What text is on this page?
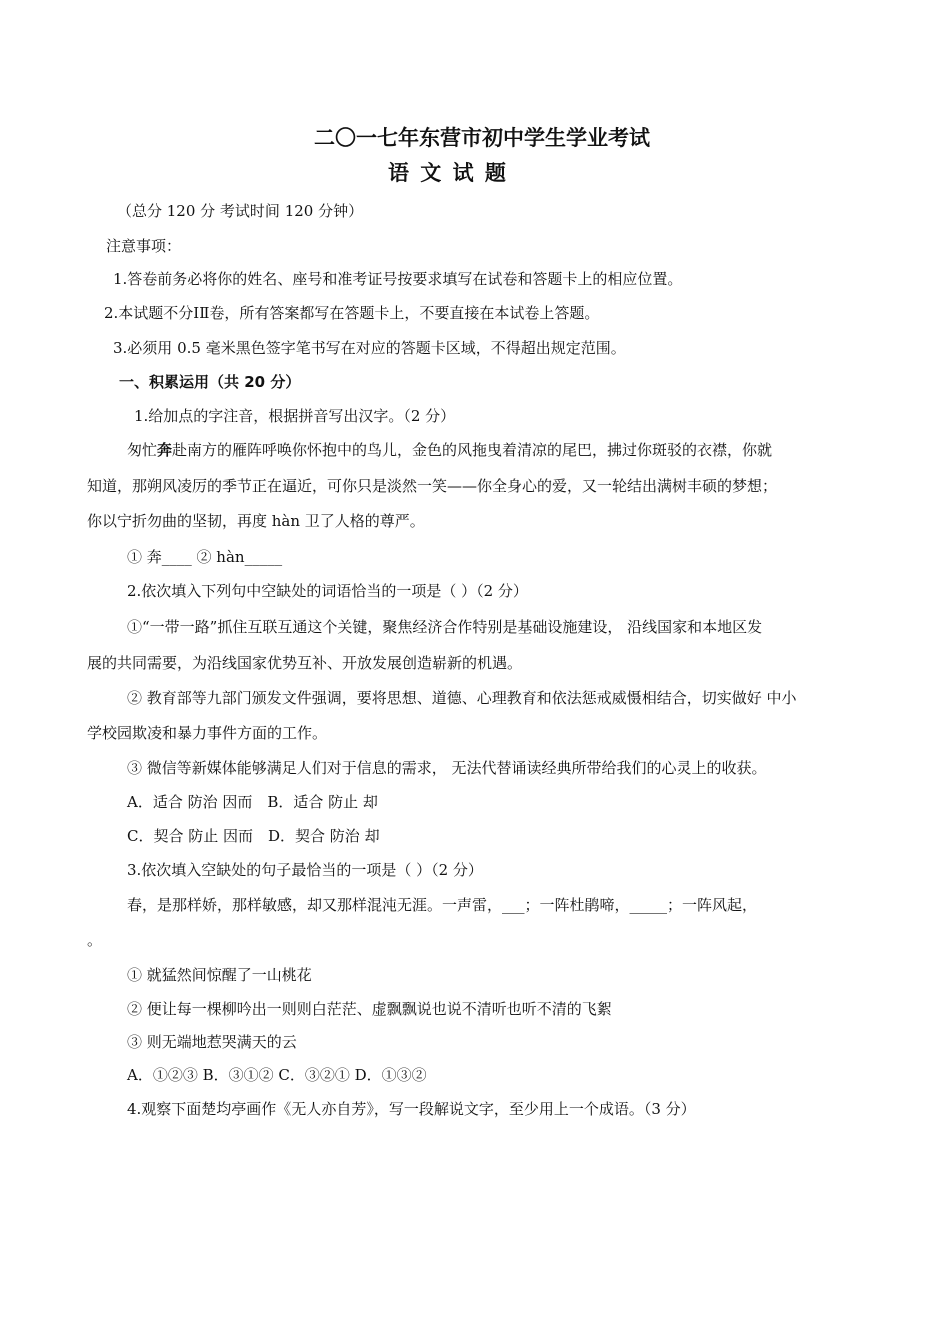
二〇一七年东营市初中学生学业考试
语 文 试 题
（总分 120 分 考试时间 120 分钟）
注意事项：
1.答卷前务必将你的姓名、座号和准考证号按要求填写在试卷和答题卡上的相应位置。
2.本试题不分ⅠⅡ卷，所有答案都写在答题卡上，不要直接在本试卷上答题。
3.必须用 0.5 毫米黑色签字笔书写在对应的答题卡区域，不得超出规定范围。
一、积累运用（共 20 分）
1.给加点的字注音，根据拼音写出汉字。（2 分）
匆忙奔赴南方的雁阵呼唤你怀抱中的鸟儿，金色的风拖曳着清凉的尾巴，拂过你斑驳的衣襟，你就
知道，那朔风凌厉的季节正在逼近，可你只是淡然一笑——你全身心的爱，又一轮结出满树丰硕的梦想；
你以宁折勿曲的坚韧，再度 hàn 卫了人格的尊严。
① 奔____ ② hàn_____
2.依次填入下列句中空缺处的词语恰当的一项是（ ）（2 分）
①“一带一路”抓住互联互通这个关键，聚焦经济合作特别是基础设施建设， 沿线国家和本地区发
展的共同需要，为沿线国家优势互补、开放发展创造崭新的机遇。
② 教育部等九部门颁发文件强调，要将思想、道德、心理教育和依法惩戒威慑相结合，切实做好 中小
学校园欺凌和暴力事件方面的工作。
③ 微信等新媒体能够满足人们对于信息的需求， 无法代替诵读经典所带给我们的心灵上的收获。
A．适合 防治 因而　B．适合 防止 却
C．契合 防止 因而　D．契合 防治 却
3.依次填入空缺处的句子最恰当的一项是（ ）（2 分）
春，是那样娇，那样敏感，却又那样混沌无涯。一声雷，___；一阵杜鹃啼，_____；一阵风起，
。
① 就猛然间惊醒了一山桃花
② 便让每一棵柳吟出一则则白茫茫、虚飘飘说也说不清听也听不清的飞絮
③ 则无端地惹哭满天的云
A．①②③ B．③①② C．③②① D．①③②
4.观察下面楚均亭画作《无人亦自芳》，写一段解说文字，至少用上一个成语。（3 分）
